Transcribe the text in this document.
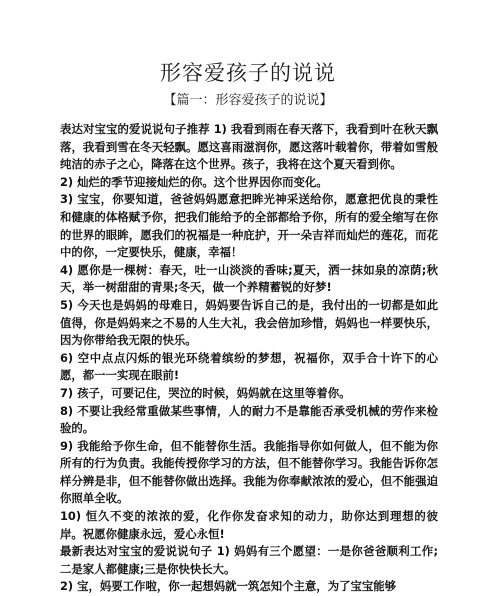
形容爱孩子的说说
【篇一：形容爱孩子的说说】

表达对宝宝的爱说说句子推荐 1) 我看到雨在春天落下，我看到叶在秋天飘落，我看到雪在冬天轻飘。愿这喜雨滋润你，愿这落叶载着你，带着如雪般纯洁的赤子之心，降落在这个世界。孩子，我将在这个夏天看到你。

2) 灿烂的季节迎接灿烂的你。这个世界因你而变化。

3) 宝宝，你要知道，爸爸妈妈愿意把眸光神采送给你，愿意把优良的秉性和健康的体格赋予你，把我们能给予的全部都给予你，所有的爱全缩写在你的世界的眼眸，愿我们的祝福是一种庇护，开一朵吉祥而灿烂的莲花，而花中的你，一定要快乐，健康，幸福！

4) 愿你是一棵树：春天，吐一山淡淡的香味;夏天，洒一抹如泉的凉荫;秋天，举一树甜甜的青果;冬天，做一个养精蓄锐的好梦!

5) 今天也是妈妈的母难日，妈妈要告诉自己的是，我付出的一切都是如此值得，你是妈妈来之不易的人生大礼，我会倍加珍惜，妈妈也一样要快乐，因为你带给我无限的快乐。

6) 空中点点闪烁的银光环绕着缤纷的梦想，祝福你，双手合十许下的心愿，都一一实现在眼前!

7) 孩子，可要记住，哭泣的时候，妈妈就在这里等着你。

8) 不要让我经常重做某些事情，人的耐力不是靠能否承受机械的劳作来检验的。

9) 我能给予你生命，但不能替你生活。我能指导你如何做人，但不能为你所有的行为负责。我能传授你学习的方法，但不能替你学习。我能告诉你怎样分辨是非，但不能替你做出选择。我能为你奉献浓浓的爱心，但不能强迫你照单全收。

10) 恒久不变的浓浓的爱，化作你发奋求知的动力，助你达到理想的彼岸。祝愿你健康永远，爱心永恒!

最新表达对宝宝的爱说说句子 1) 妈妈有三个愿望：一是你爸爸顺利工作;二是家人都健康;三是你快快长大。

2) 宝，妈要工作啦，你一起想妈就一筑怎知个主意，为了宝宝能够
